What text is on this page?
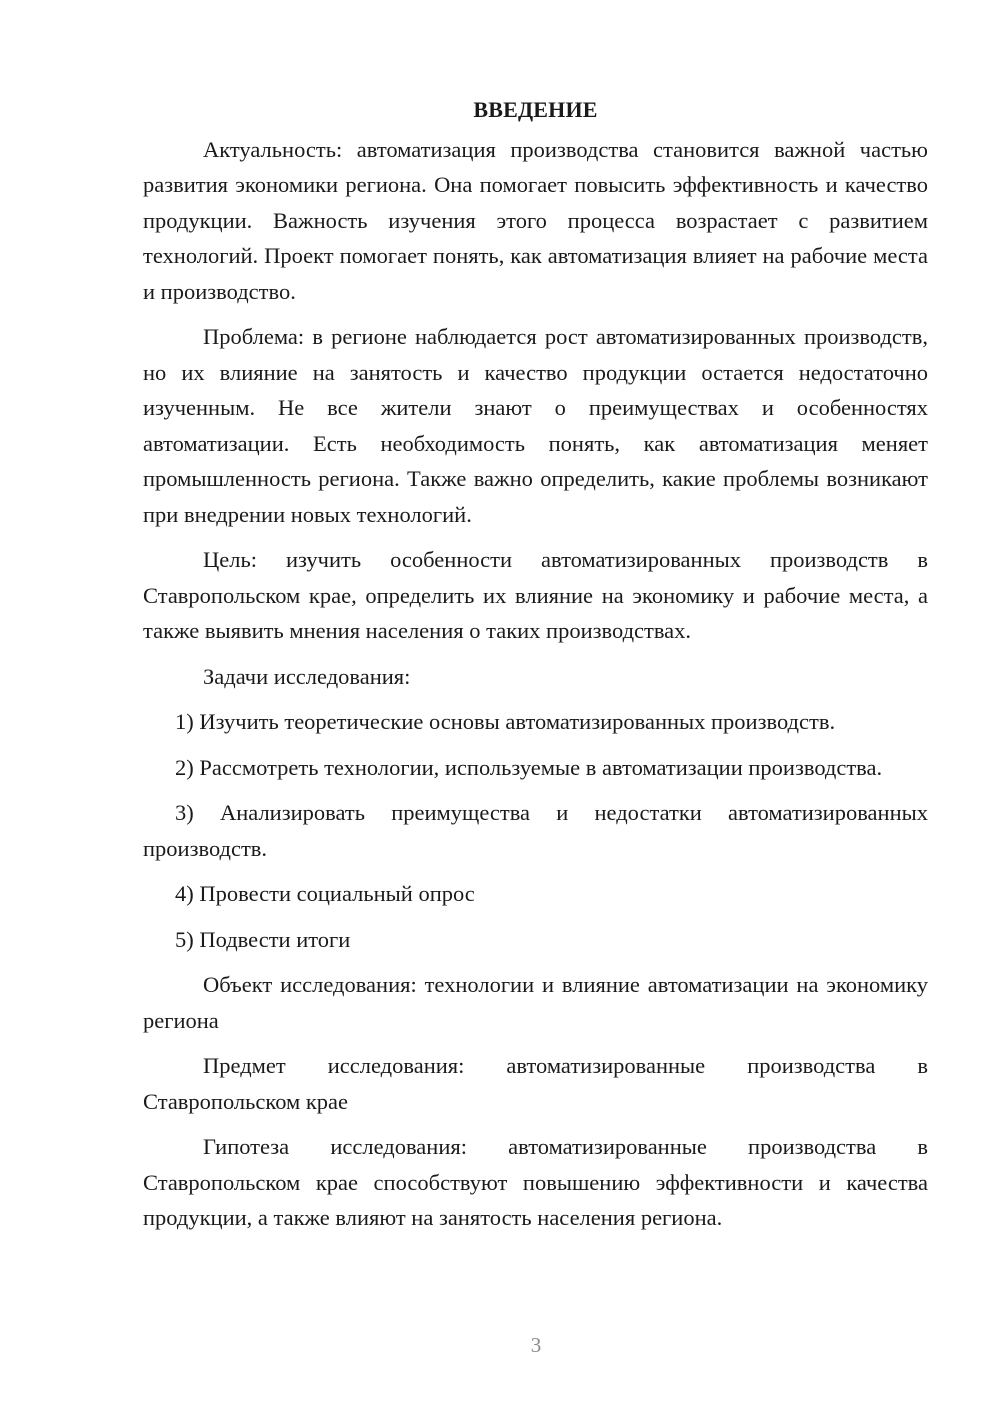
ВВЕДЕНИЕ

Актуальность: автоматизация производства становится важной частью развития экономики региона. Она помогает повысить эффективность и качество продукции. Важность изучения этого процесса возрастает с развитием технологий. Проект помогает понять, как автоматизация влияет на рабочие места и производство.

Проблема: в регионе наблюдается рост автоматизированных производств, но их влияние на занятость и качество продукции остается недостаточно изученным. Не все жители знают о преимуществах и особенностях автоматизации. Есть необходимость понять, как автоматизация меняет промышленность региона. Также важно определить, какие проблемы возникают при внедрении новых технологий.

Цель: изучить особенности автоматизированных производств в Ставропольском крае, определить их влияние на экономику и рабочие места, а также выявить мнения населения о таких производствах.

Задачи исследования:

1) Изучить теоретические основы автоматизированных производств.

2) Рассмотреть технологии, используемые в автоматизации производства.

3) Анализировать преимущества и недостатки автоматизированных производств.

4) Провести социальный опрос

5) Подвести итоги

Объект исследования: технологии и влияние автоматизации на экономику региона

Предмет исследования: автоматизированные производства в Ставропольском крае

Гипотеза исследования: автоматизированные производства в Ставропольском крае способствуют повышению эффективности и качества продукции, а также влияют на занятость населения региона.

3
